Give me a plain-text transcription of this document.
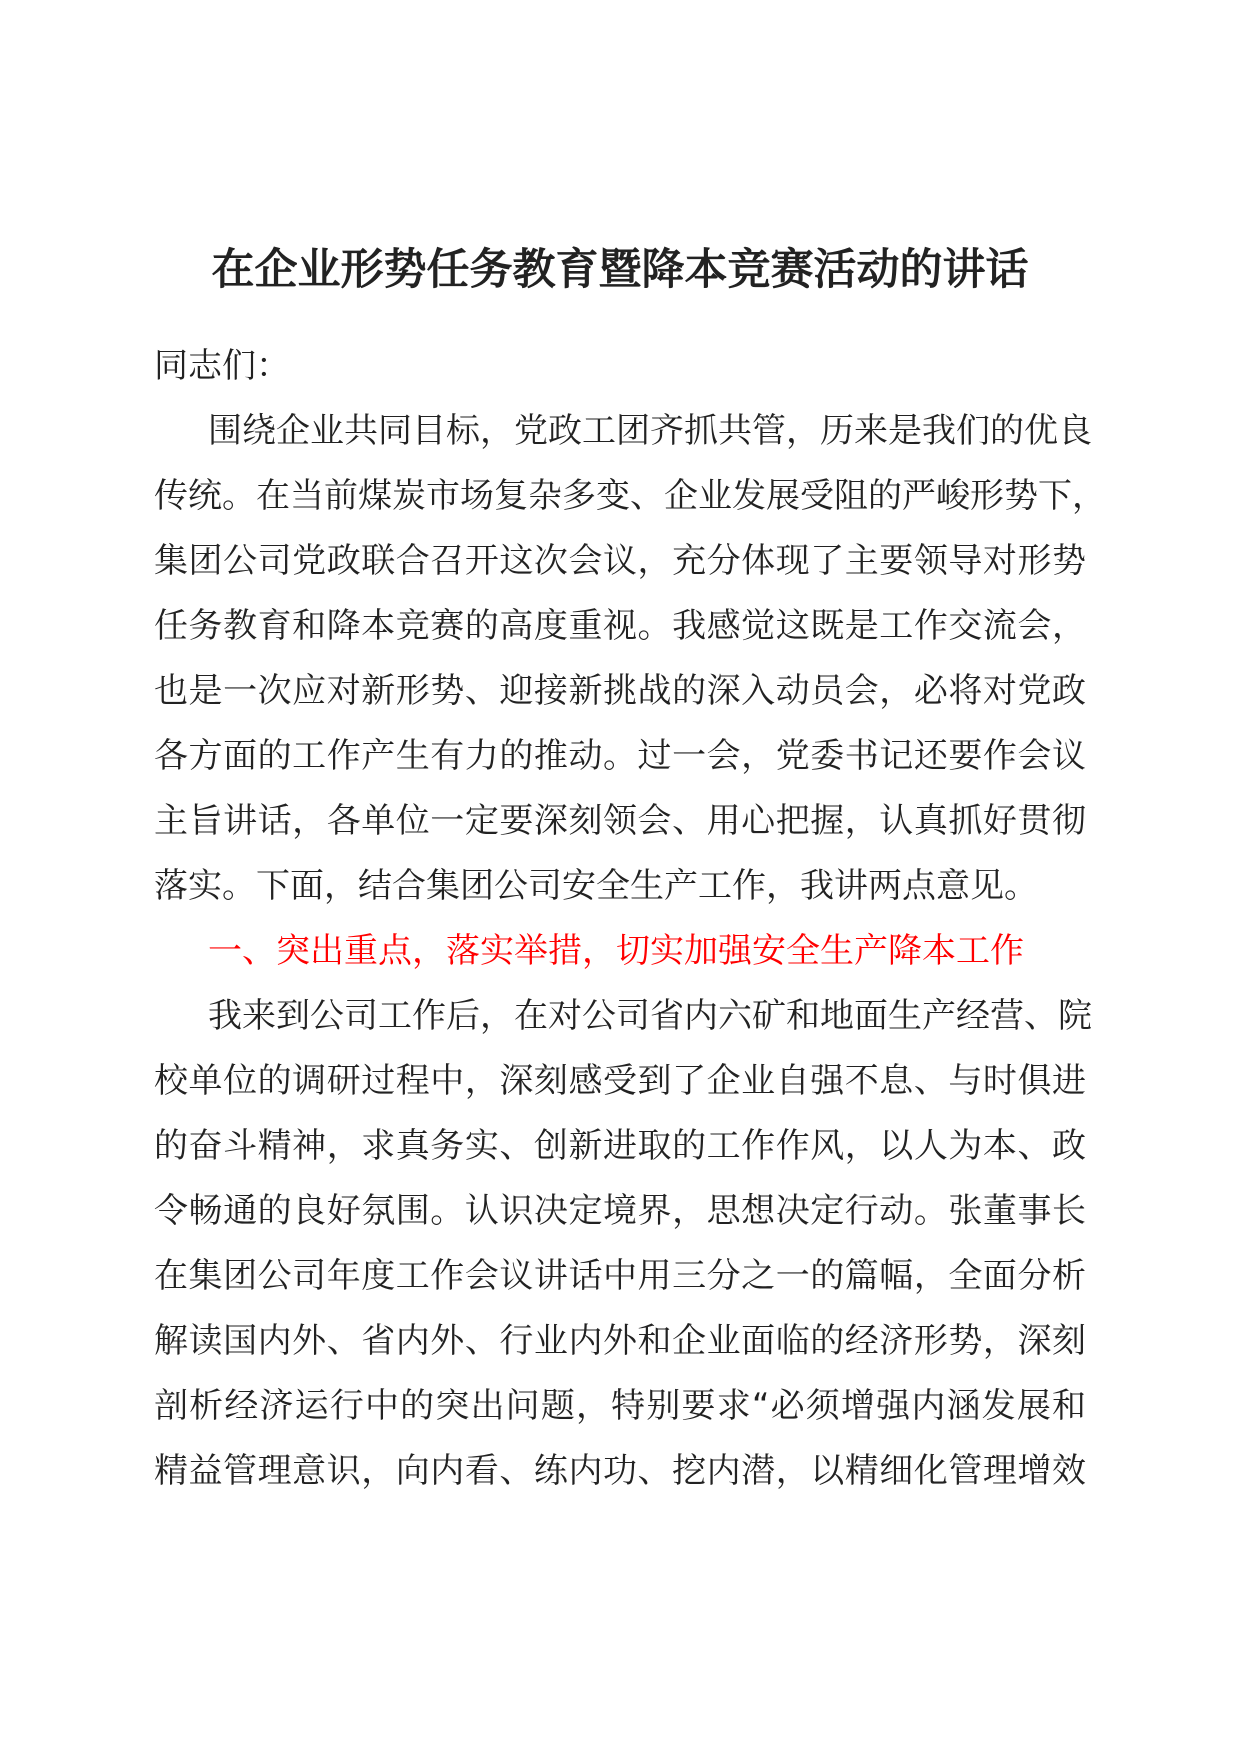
在企业形势任务教育暨降本竞赛活动的讲话
同志们：
围绕企业共同目标，党政工团齐抓共管，历来是我们的优良
传统。在当前煤炭市场复杂多变、企业发展受阻的严峻形势下，
集团公司党政联合召开这次会议，充分体现了主要领导对形势
任务教育和降本竞赛的高度重视。我感觉这既是工作交流会，
也是一次应对新形势、迎接新挑战的深入动员会，必将对党政
各方面的工作产生有力的推动。过一会，党委书记还要作会议
主旨讲话，各单位一定要深刻领会、用心把握，认真抓好贯彻
落实。下面，结合集团公司安全生产工作，我讲两点意见。
一、突出重点，落实举措，切实加强安全生产降本工作
我来到公司工作后，在对公司省内六矿和地面生产经营、院
校单位的调研过程中，深刻感受到了企业自强不息、与时俱进
的奋斗精神，求真务实、创新进取的工作作风，以人为本、政
令畅通的良好氛围。认识决定境界，思想决定行动。张董事长
在集团公司年度工作会议讲话中用三分之一的篇幅，全面分析
解读国内外、省内外、行业内外和企业面临的经济形势，深刻
剖析经济运行中的突出问题，特别要求“必须增强内涵发展和
精益管理意识，向内看、练内功、挖内潜，以精细化管理增效
